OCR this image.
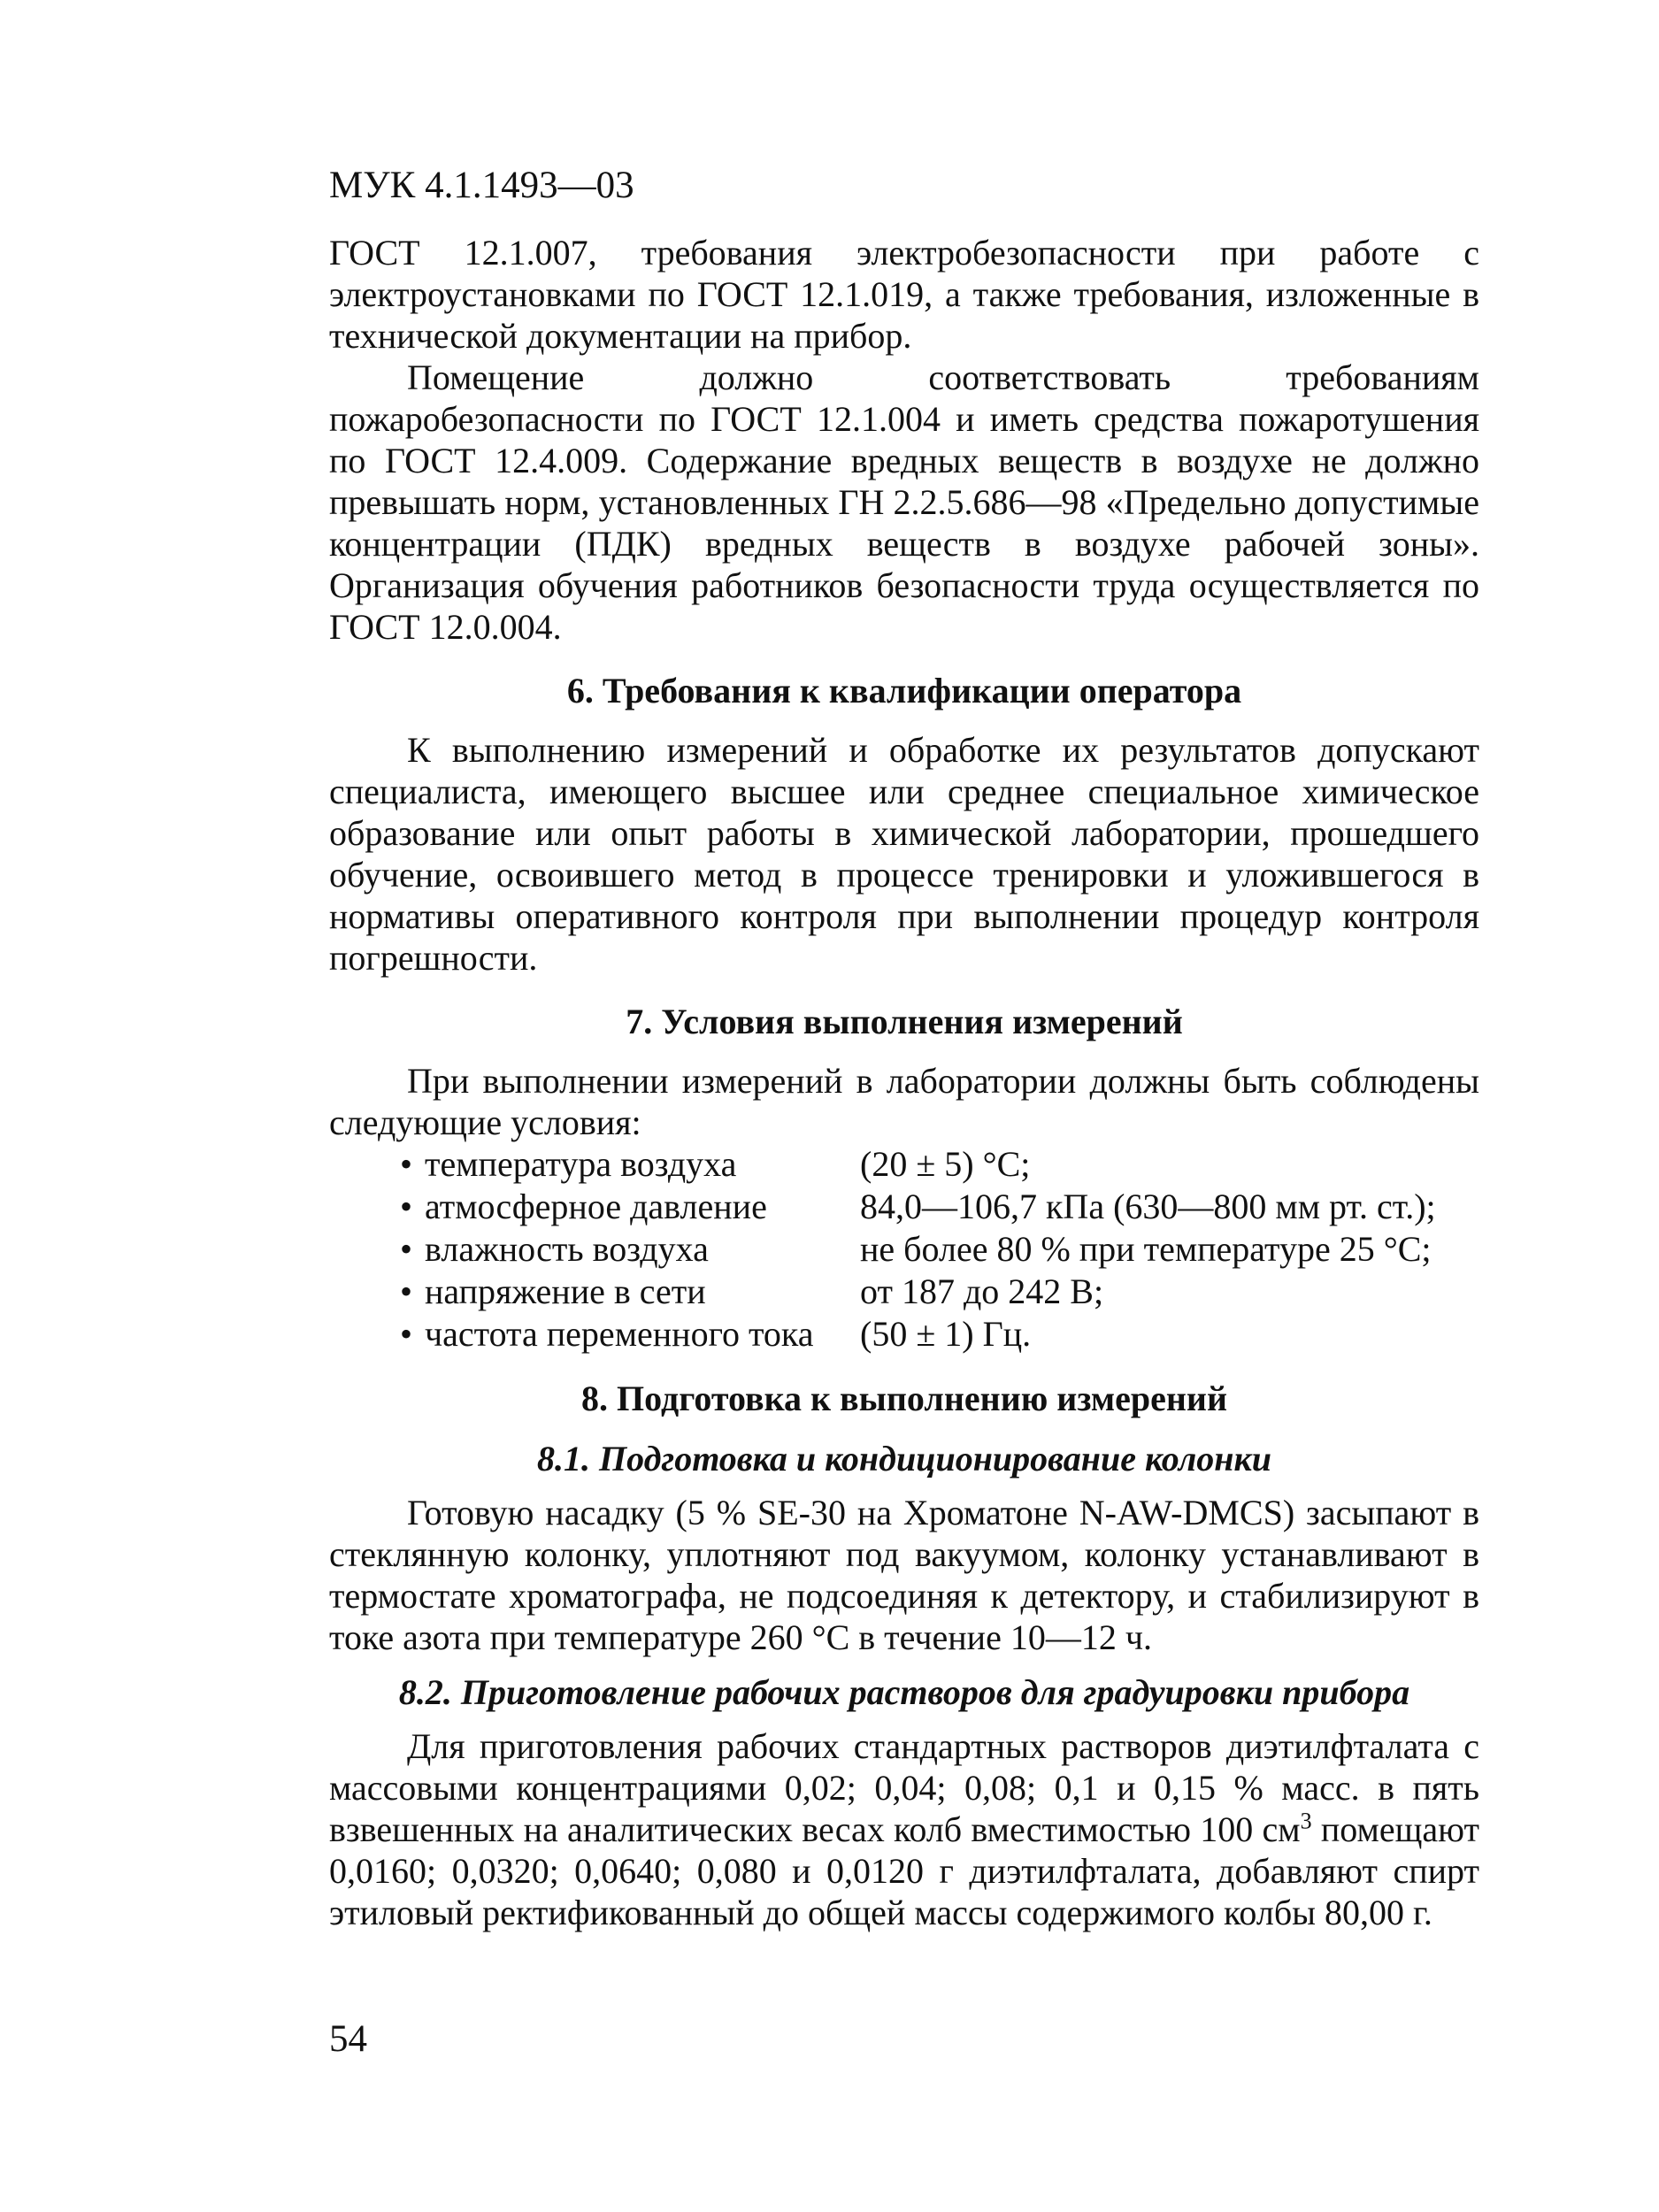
МУК 4.1.1493—03

ГОСТ 12.1.007, требования электробезопасности при работе с электроустановками по ГОСТ 12.1.019, а также требования, изложенные в технической документации на прибор.

Помещение должно соответствовать требованиям пожаробезопасности по ГОСТ 12.1.004 и иметь средства пожаротушения по ГОСТ 12.4.009. Содержание вредных веществ в воздухе не должно превышать норм, установленных ГН 2.2.5.686—98 «Предельно допустимые концентрации (ПДК) вредных веществ в воздухе рабочей зоны». Организация обучения работников безопасности труда осуществляется по ГОСТ 12.0.004.

6. Требования к квалификации оператора

К выполнению измерений и обработке их результатов допускают специалиста, имеющего высшее или среднее специальное химическое образование или опыт работы в химической лаборатории, прошедшего обучение, освоившего метод в процессе тренировки и уложившегося в нормативы оперативного контроля при выполнении процедур контроля погрешности.

7. Условия выполнения измерений

При выполнении измерений в лаборатории должны быть соблюдены следующие условия:

• температура воздуха	(20 ± 5) °С;
• атмосферное давление	84,0—106,7 кПа (630—800 мм рт. ст.);
• влажность воздуха	не более 80 % при температуре 25 °С;
• напряжение в сети	от 187 до 242 В;
• частота переменного тока	(50 ± 1) Гц.
8. Подготовка к выполнению измерений
8.1. Подготовка и кондиционирование колонки

Готовую насадку (5 % SE-30 на Хроматоне N-AW-DMCS) засыпают в стеклянную колонку, уплотняют под вакуумом, колонку устанавливают в термостате хроматографа, не подсоединяя к детектору, и стабилизируют в токе азота при температуре 260 °С в течение 10—12 ч.

8.2. Приготовление рабочих растворов для градуировки прибора

Для приготовления рабочих стандартных растворов диэтилфталата с массовыми концентрациями 0,02; 0,04; 0,08; 0,1 и 0,15 % масс. в пять взвешенных на аналитических весах колб вместимостью 100 $см^3$ помещают 0,0160; 0,0320; 0,0640; 0,080 и 0,0120 г диэтилфталата, добавляют спирт этиловый ректификованный до общей массы содержимого колбы 80,00 г.

54
